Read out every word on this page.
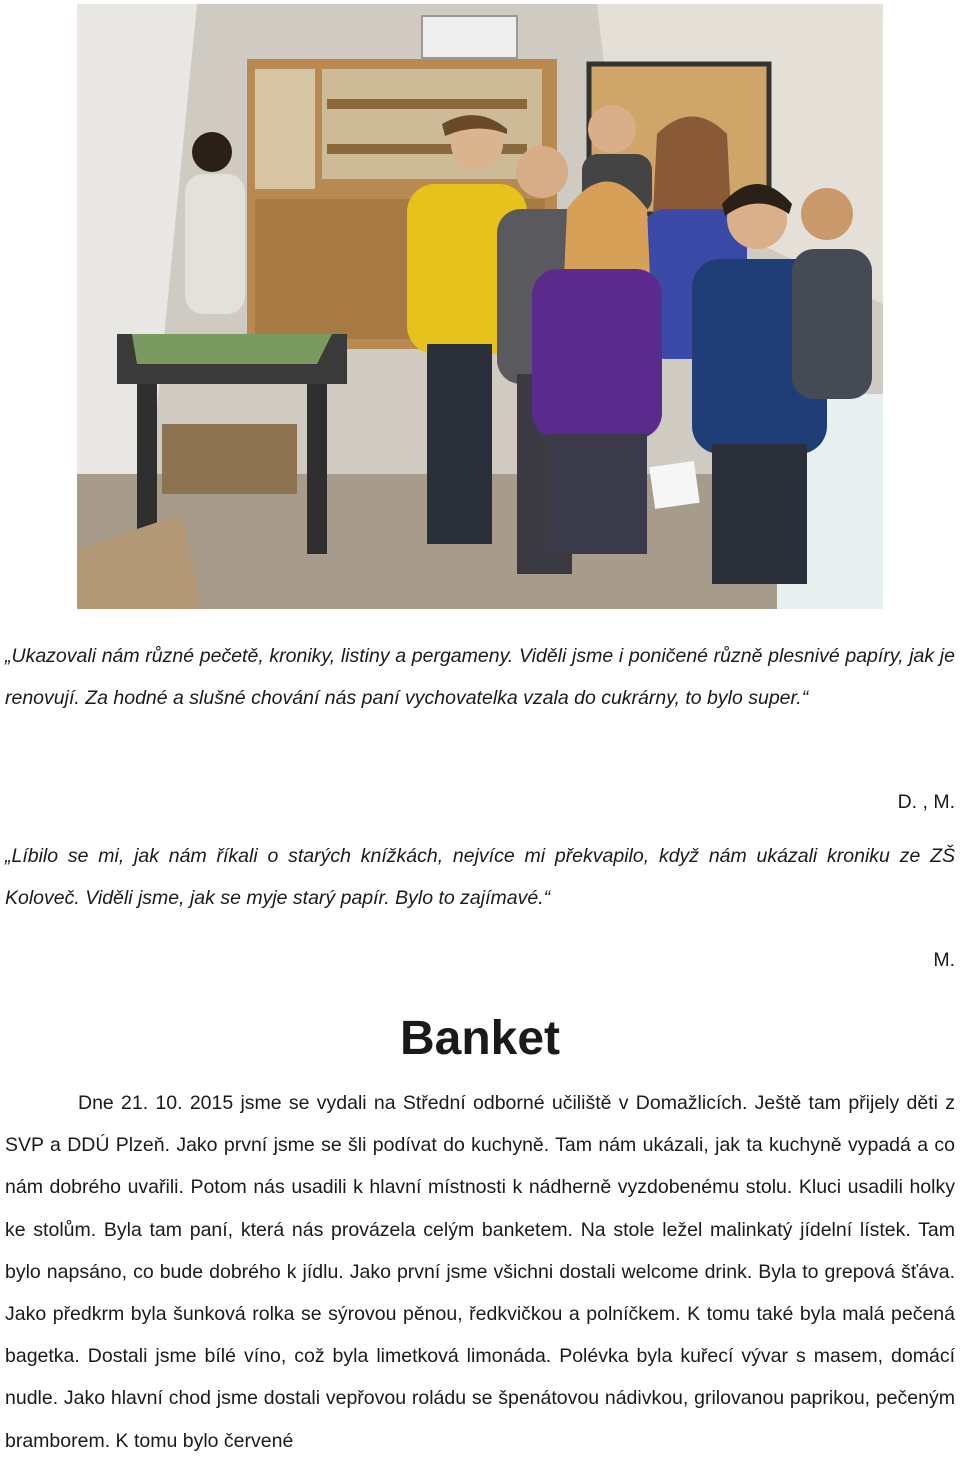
„Ukazovali nám různé pečetě, kroniky, listiny a pergameny. Viděli jsme i poničené různě plesnivé papíry, jak je renovují. Za hodné a slušné chování nás paní vychovatelka vzala do cukrárny, to bylo super.“

D. , M.

„Líbilo se mi, jak nám říkali o starých knížkách, nejvíce mi překvapilo, když nám ukázali kroniku ze ZŠ Koloveč. Viděli jsme, jak se myje starý papír. Bylo to zajímavé.“

M.

Banket

Dne 21. 10. 2015 jsme se vydali na Střední odborné učiliště v Domažlicích. Ještě tam přijely děti z SVP a DDÚ Plzeň. Jako první jsme se šli podívat do kuchyně. Tam nám ukázali, jak ta kuchyně vypadá a co nám dobrého uvařili. Potom nás usadili k hlavní místnosti k nádherně vyzdobenému stolu. Kluci usadili holky ke stolům. Byla tam paní, která nás provázela celým banketem. Na stole ležel malinkatý jídelní lístek. Tam bylo napsáno, co bude dobrého k jídlu. Jako první jsme všichni dostali welcome drink. Byla to grepová šťáva. Jako předkrm byla šunková rolka se sýrovou pěnou, ředkvičkou a polníčkem. K tomu také byla malá pečená bagetka. Dostali jsme bílé víno, což byla limetková limonáda. Polévka byla kuřecí vývar s masem, domácí nudle. Jako hlavní chod jsme dostali vepřovou roládu se špenátovou nádivkou, grilovanou paprikou, pečeným bramborem. K tomu bylo červené
